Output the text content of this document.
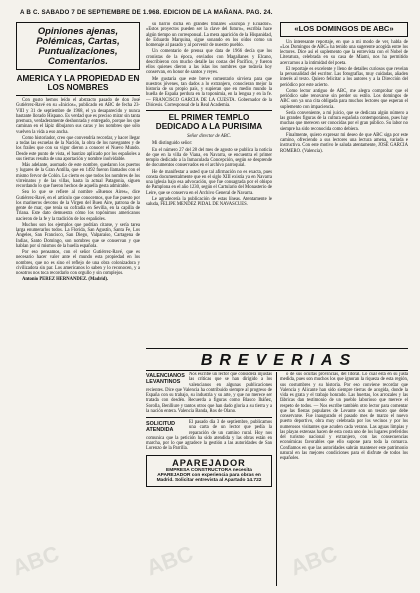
A B C. SABADO 7 DE SEPTIEMBRE DE 1.968. EDICION DE LA MAÑANA. PAG. 24.
Opiniones ajenas, Polémicas, Cartas, Puntualizaciones, Comentarios.
AMERICA Y LA PROPIEDAD EN LOS NOMBRES

Con gusto hemos leído el abstracto pasado de don José Gutiérrez-Ravé en su «Inicios», publicado en ABC de fecha 23-VIII y 31 de septiembre de 1968, el ya desaparecido y nunca bastante llorado Hispano. Es verdad que es preciso mirar sin tanta premura, verdaderamente deshonrada y entregado, porque los que caminan en el lápiz dibujaron sus caras y los nombres que sólo vuelven la vida a eso ancha.

Como historiador, creo que convendría recordar, y hacer llegar a todas las escuelas de la Nación, la obra de los navegantes y de los frailes que con su vigor dieron a conocer el Nuevo Mundo. Desde este punto de vista, el bautizo aplicado por los españoles a sus tierras resulta de una aportación y nombre inolvidable.

Más adelante, asomado de este nombre, quedaron los puertos y lugares de la Gran Antilla, que en 1492 fueron llamados con el mismo fervor de Colón. Lo cierto es que todos los nombres de los virreinatos y de las villas, hasta la actual Patagonia, siguen recordando lo que fueron hechos de aquella gesta admirable.

Sea lo que se refiere al nombre «Buenos Aires», dice Gutiérrez-Ravé, en el artículo que conocemos, que fue puesto por los marineros devotos de la Virgen del Buen Aire, patrona de la gente de mar, que tenía su cofradía en Sevilla, en la capilla de Triana. Este dato demuestra cómo los topónimos americanos nacieron de la fe y la tradición de los españoles.

Muchos son los ejemplos que podrían citarse, y sería tarea larga enumerarlos todos. La Florida, San Agustín, Santa Fe, Los Ángeles, San Francisco, San Diego, Valparaíso, Cartagena de Indias, Santo Domingo, son nombres que se conservan y que hablan por sí mismos de la huella española.

Por eso pensamos, con el señor Gutiérrez-Ravé, que es necesario hacer valer ante el mundo esta propiedad en los nombres, que no es sino el reflejo de una obra colonizadora y civilizadora sin par. Los americanos lo saben y lo reconocen, y a nosotros nos toca recordarlo con orgullo y sin complejos.

Antonio PEREZ HERNANDEZ. (Madrid).

su barrio dicha en grandes titulares «Europa y Ecuador». «Estos proyectos pueden ser la clave del futuro», escribía hace algún tiempo un corresponsal. La mera aparición de la Hispanidad, de Eduardo Marquina, sigue sonando en los oídos como un homenaje al pasado y al porvenir de nuestro pueblo.

Un comentario de prensa que data de 1966 decía que los cronistas de la época, enviados con Magallanes y Elcano, describieron con mucho detalle las costas del Pacífico, y fueron ellos quienes dieron a las islas los nombres que todavía hoy conservan, en honor de santos y reyes.

Me gustaría que este breve comentario sirviera para que nuestros jóvenes, tan dados a lo extranjero, conocieran mejor la historia de su propio país, y supieran que en medio mundo la huella de España perdura en la toponimia, en la lengua y en la fe. — FRANCISCO GARCIA DE LA CUESTA. Gobernador de la Diócesis. Corresponsal de la Real Academia.

EL PRIMER TEMPLO DEDICADO A LA PURISIMA
Señor director de ABC.

Mi distinguido señor:

En el número 27 del 28 del mes de agosto se publica la noticia de que en la villa de Viana, en Navarra, se encuentra el primer templo dedicado a la Inmaculada Concepción, según se desprende de documentos conservados en el archivo parroquial.

He de manifestar a usted que tal afirmación no es exacta, pues consta documentalmente que en el siglo XIII existía ya en Navarra una iglesia bajo esa advocación, que fue consagrada por el obispo de Pamplona en el año 1230, según el Cartulario del Monasterio de Leire, que se conserva en el Archivo General de Navarra.

Le agradecería la publicación de estas líneas. Atentamente le saluda, FELIPE MENDEZ PIDAL DE NAVASCUES.

«LOS DOMINGOS DE ABC»

Un interesante reportaje, en que a mi modo de ver, habla de «Los Domingos de ABC» ha tenido una sugerente acogida entre los lectores. Dice así el suplemento que la entrevista con el Nobel de Literatura, celebrada en su casa de Miami, nos ha permitido acercarnos a la intimidad del poeta.

El reportaje es excelente y lleno de detalles curiosos que revelan la personalidad del escritor. Las fotografías, muy cuidadas, añaden interés al texto. Quiero felicitar a los autores y a la Dirección del periódico por este acierto.

Como lector antiguo de ABC, me alegra comprobar que el periódico sabe renovarse sin perder su estilo. Los domingos de ABC son ya una cita obligada para muchos lectores que esperan el suplemento con impaciencia.

Sería conveniente, a mi juicio, que se dedicara algún número a las grandes figuras de la cultura española contemporánea, pues hay muchas que merecen ser conocidas por el gran público. Su labor no siempre ha sido reconocida como debiera.

Finalmente, quiero expresar mi deseo de que ABC siga por este camino, ofreciendo a sus lectores una lectura amena, variada e instructiva. Con este motivo le saluda atentamente, JOSÉ GARCIA ROMERO. (Valencia).

BREVERIAS
VALENCIANOS LEVANTINOS
Nos escribe un lector que considera injustas las críticas que se han dirigido a los valencianos en algunas publicaciones recientes. Dice que Valencia ha contribuido siempre al progreso de España con su trabajo, su industria y su arte, y que no merece ser tratada con desdén. Recuerda a figuras como Blasco Ibáñez, Sorolla, Benlliure y tantos otros que han dado gloria a su tierra y a la nación entera. Valencia Banda, Ros de Olano.
SOLICITUD ATENDIDA
El pasado día 3 de septiembre, publicamos una carta de un lector que pedía la reparación de un camino rural. Hoy nos comunica que la petición ha sido atendida y las obras están en marcha, por lo que agradece la gestión a las autoridades de San Lorenzo de la Parrilla.
APAREJADOR
EMPRESA CONSTRUCTORA necesita APAREJADOR con experiencia para obras en Madrid. Solicitar entrevista al Apartado 14.722

o de sus ocultas provincias, del litoral. Lo cual está en su justa medida, pues son muchos los que ignoran la riqueza de esta región, sus costumbres y su historia. Por eso conviene recordar que Valencia y Alicante han sido siempre tierras de acogida, donde la vida es grata y el trabajo honrado. Las huertas, los arrozales y las fábricas dan testimonio de un pueblo laborioso que merece el respeto de todos. — Nos escribe también otro lector para comentar que las fiestas populares de Levante son un tesoro que debe conservarse. Fue inaugurado el pasado mes de marzo el nuevo puerto deportivo, obra muy celebrada por los vecinos y por los numerosos visitantes que acuden cada verano. Las aguas limpias y las playas extensas hacen de esta costa uno de los lugares preferidos del turismo nacional y extranjero, con las consecuencias económicas favorables que ello supone para toda la comarca. Confiamos en que las autoridades sabrán mantener este patrimonio natural en las mejores condiciones para el disfrute de todos los españoles.

ABC	ABC	ABC
